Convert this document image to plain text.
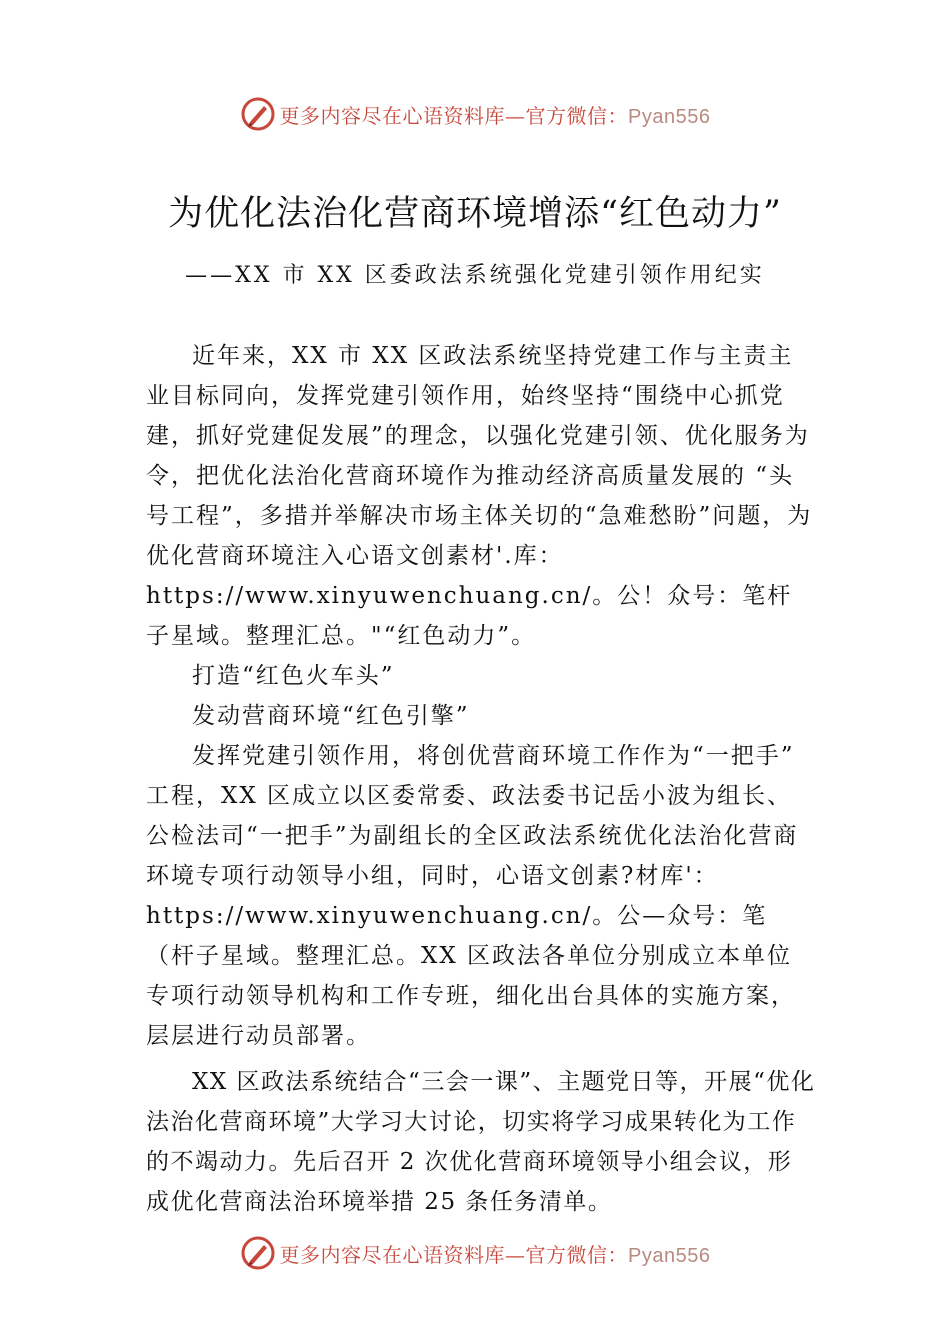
更多内容尽在心语资料库—官方微信：Pyan556
为优化法治化营商环境增添“红色动力”
——XX 市 XX 区委政法系统强化党建引领作用纪实

近年来，XX 市 XX 区政法系统坚持党建工作与主责主业目标同向，发挥党建引领作用，始终坚持“围绕中心抓党建，抓好党建促发展”的理念，以强化党建引领、优化服务为令，把优化法治化营商环境作为推动经济高质量发展的 “头号工程”，多措并举解决市场主体关切的“急难愁盼”问题，为优化营商环境注入心语文创素材'.库：https://www.xinyuwenchuang.cn/。公！众号：笔杆子星域。整理汇总。"“红色动力”。

打造“红色火车头”

发动营商环境“红色引擎”

发挥党建引领作用，将创优营商环境工作作为“一把手” 工程，XX 区成立以区委常委、政法委书记岳小波为组长、公检法司“一把手”为副组长的全区政法系统优化法治化营商环境专项行动领导小组，同时，心语文创素?材库'：https://www.xinyuwenchuang.cn/。公—众号：笔（杆子星域。整理汇总。XX 区政法各单位分别成立本单位专项行动领导机构和工作专班，细化出台具体的实施方案，层层进行动员部署。

XX 区政法系统结合“三会一课”、主题党日等，开展“优化法治化营商环境”大学习大讨论，切实将学习成果转化为工作的不竭动力。先后召开 2 次优化营商环境领导小组会议，形成优化营商法治环境举措 25 条任务清单。

更多内容尽在心语资料库—官方微信：Pyan556
